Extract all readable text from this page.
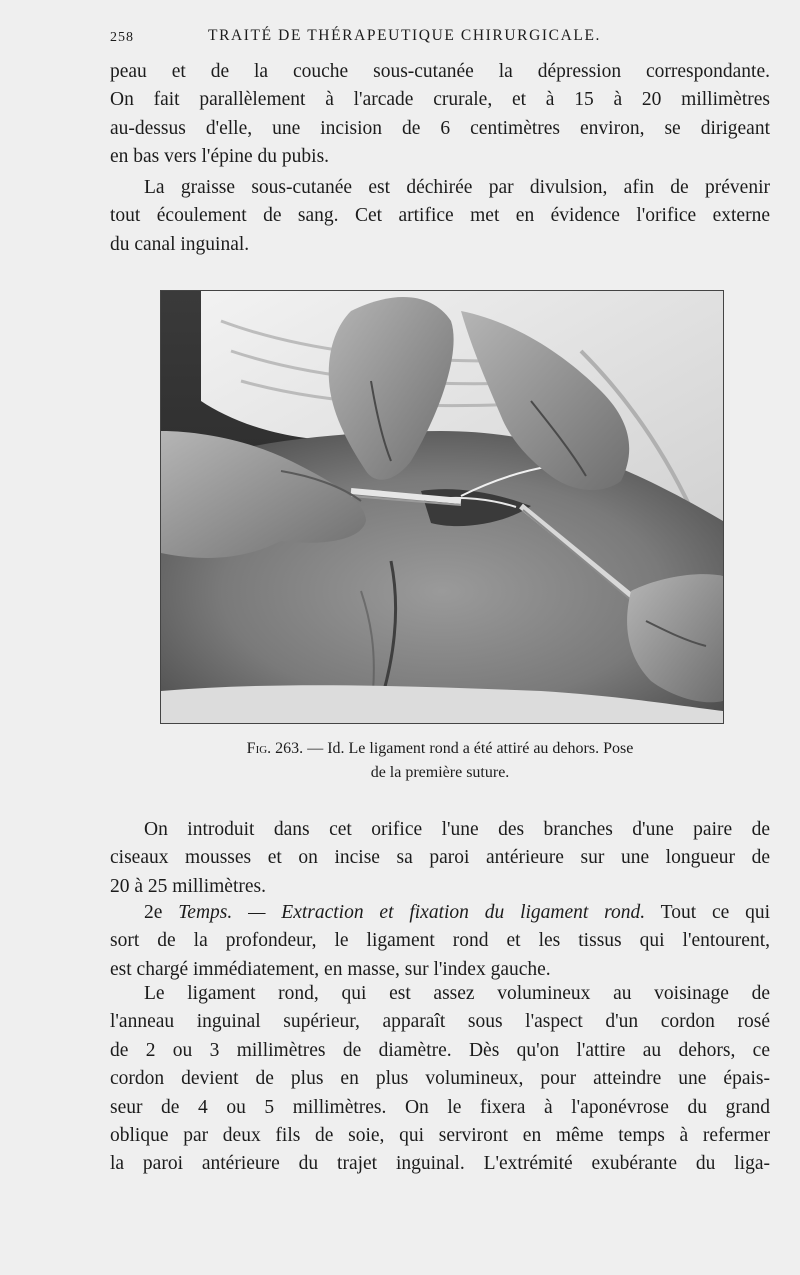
258	TRAITÉ DE THÉRAPEUTIQUE CHIRURGICALE.
peau et de la couche sous-cutanée la dépression correspondante.
On fait parallèlement à l'arcade crurale, et à 15 à 20 millimètres
au-dessus d'elle, une incision de 6 centimètres environ, se dirigeant
en bas vers l'épine du pubis.
La graisse sous-cutanée est déchirée par divulsion, afin de prévenir
tout écoulement de sang. Cet artifice met en évidence l'orifice externe
du canal inguinal.
Fig. 263. — Id. Le ligament rond a été attiré au dehors. Pose
de la première suture.
On introduit dans cet orifice l'une des branches d'une paire de
ciseaux mousses et on incise sa paroi antérieure sur une longueur de
20 à 25 millimètres.
2e Temps. — Extraction et fixation du ligament rond. Tout ce qui
sort de la profondeur, le ligament rond et les tissus qui l'entourent,
est chargé immédiatement, en masse, sur l'index gauche.
Le ligament rond, qui est assez volumineux au voisinage de
l'anneau inguinal supérieur, apparaît sous l'aspect d'un cordon rosé
de 2 ou 3 millimètres de diamètre. Dès qu'on l'attire au dehors, ce
cordon devient de plus en plus volumineux, pour atteindre une épais-
seur de 4 ou 5 millimètres. On le fixera à l'aponévrose du grand
oblique par deux fils de soie, qui serviront en même temps à refermer
la paroi antérieure du trajet inguinal. L'extrémité exubérante du liga-
